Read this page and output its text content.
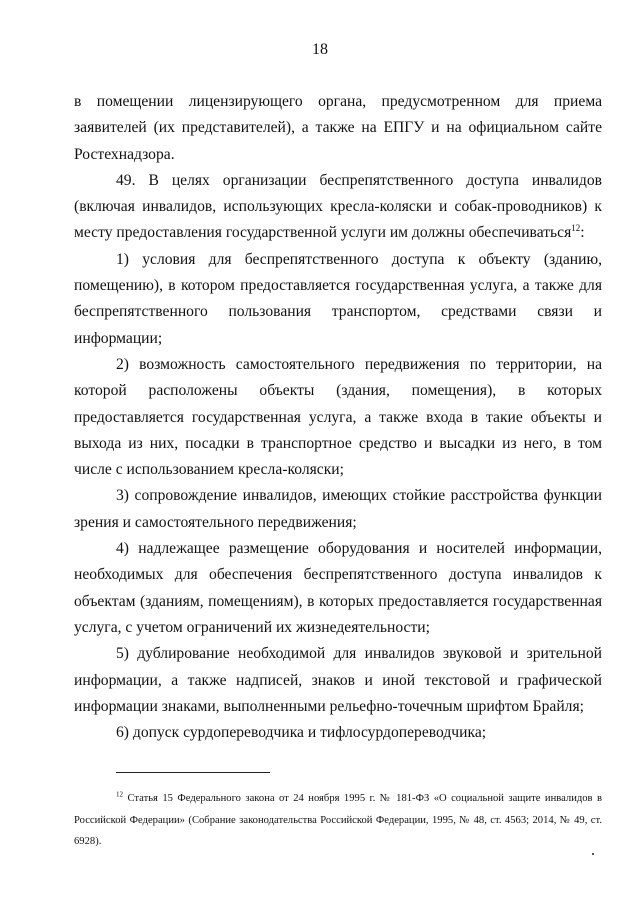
18

в помещении лицензирующего органа, предусмотренном для приема заявителей (их представителей), а также на ЕПГУ и на официальном сайте Ростехнадзора.

49. В целях организации беспрепятственного доступа инвалидов (включая инвалидов, использующих кресла-коляски и собак-проводников) к месту предоставления государственной услуги им должны обеспечиваться$^{12}$:

1) условия для беспрепятственного доступа к объекту (зданию, помещению), в котором предоставляется государственная услуга, а также для беспрепятственного пользования транспортом, средствами связи и информации;

2) возможность самостоятельного передвижения по территории, на которой расположены объекты (здания, помещения), в которых предоставляется государственная услуга, а также входа в такие объекты и выхода из них, посадки в транспортное средство и высадки из него, в том числе с использованием кресла-коляски;

3) сопровождение инвалидов, имеющих стойкие расстройства функции зрения и самостоятельного передвижения;

4) надлежащее размещение оборудования и носителей информации, необходимых для обеспечения беспрепятственного доступа инвалидов к объектам (зданиям, помещениям), в которых предоставляется государственная услуга, с учетом ограничений их жизнедеятельности;

5) дублирование необходимой для инвалидов звуковой и зрительной информации, а также надписей, знаков и иной текстовой и графической информации знаками, выполненными рельефно-точечным шрифтом Брайля;

6) допуск сурдопереводчика и тифлосурдопереводчика;

$^{12}$ Статья 15 Федерального закона от 24 ноября 1995 г. № 181-ФЗ «О социальной защите инвалидов в Российской Федерации» (Собрание законодательства Российской Федерации, 1995, № 48, ст. 4563; 2014, № 49, ст. 6928).
